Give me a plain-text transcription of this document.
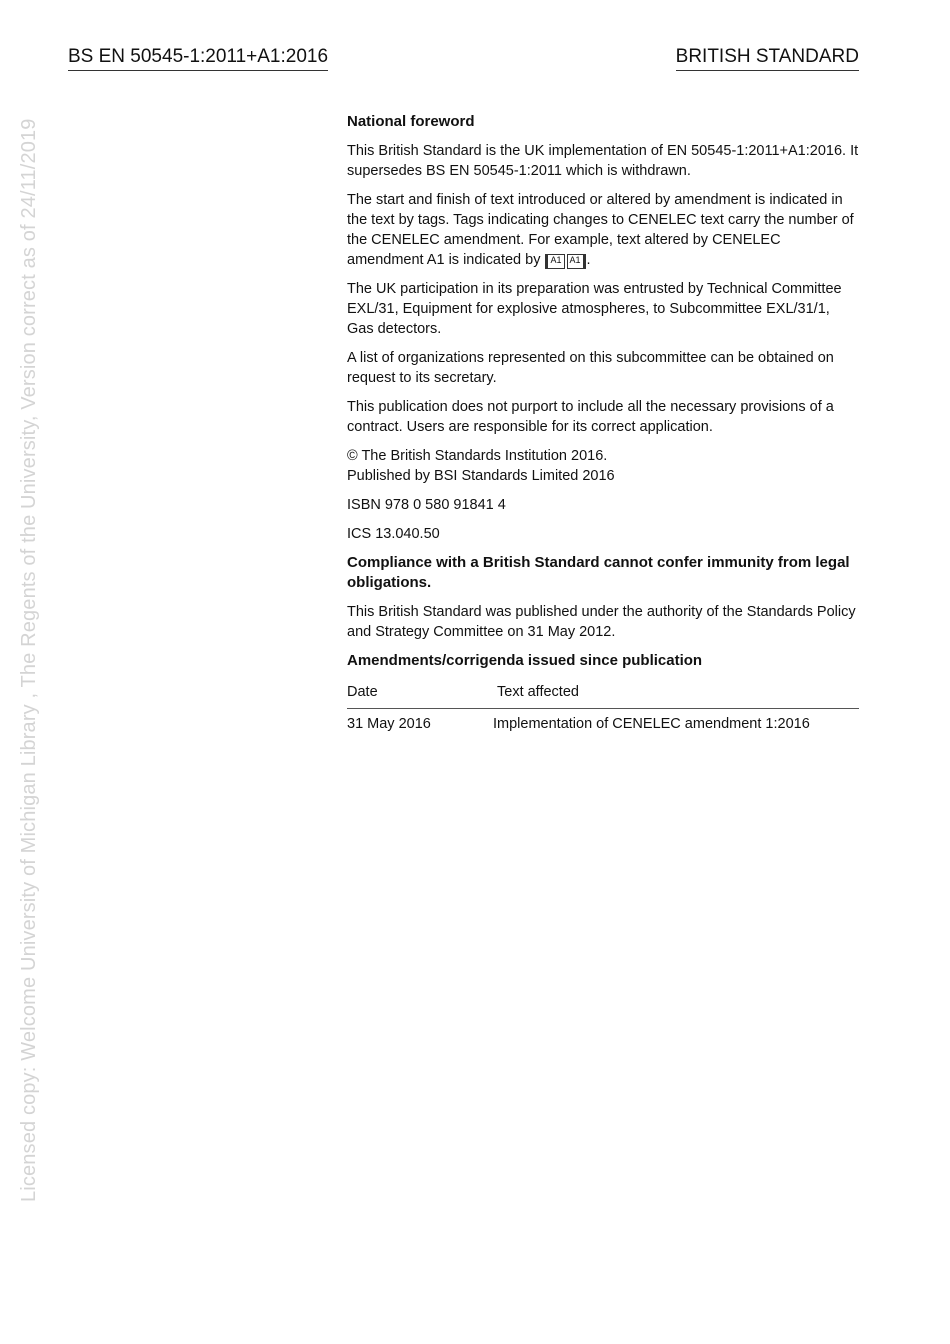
BS EN 50545-1:2011+A1:2016	BRITISH STANDARD
Licensed copy: Welcome University of Michigan Library , The Regents of the University, Version correct as of 24/11/2019	National foreword

This British Standard is the UK implementation of EN 50545-1:2011+A1:2016. It supersedes BS EN 50545-1:2011 which is withdrawn.

The start and finish of text introduced or altered by amendment is indicated in the text by tags. Tags indicating changes to CENELEC text carry the number of the CENELEC amendment. For example, text altered by CENELEC amendment A1 is indicated by A1 A1 .

The UK participation in its preparation was entrusted by Technical Committee EXL/31, Equipment for explosive atmospheres, to Subcommittee EXL/31/1, Gas detectors.

A list of organizations represented on this subcommittee can be obtained on request to its secretary.

This publication does not purport to include all the necessary provisions of a contract. Users are responsible for its correct application.

© The British Standards Institution 2016.
Published by BSI Standards Limited 2016

ISBN 978 0 580 91841 4

ICS 13.040.50

Compliance with a British Standard cannot confer immunity from legal obligations.

This British Standard was published under the authority of the Standards Policy and Strategy Committee on 31 May 2012.

Amendments/corrigenda issued since publication
Date	Text affected
31 May 2016	Implementation of CENELEC amendment 1:2016
